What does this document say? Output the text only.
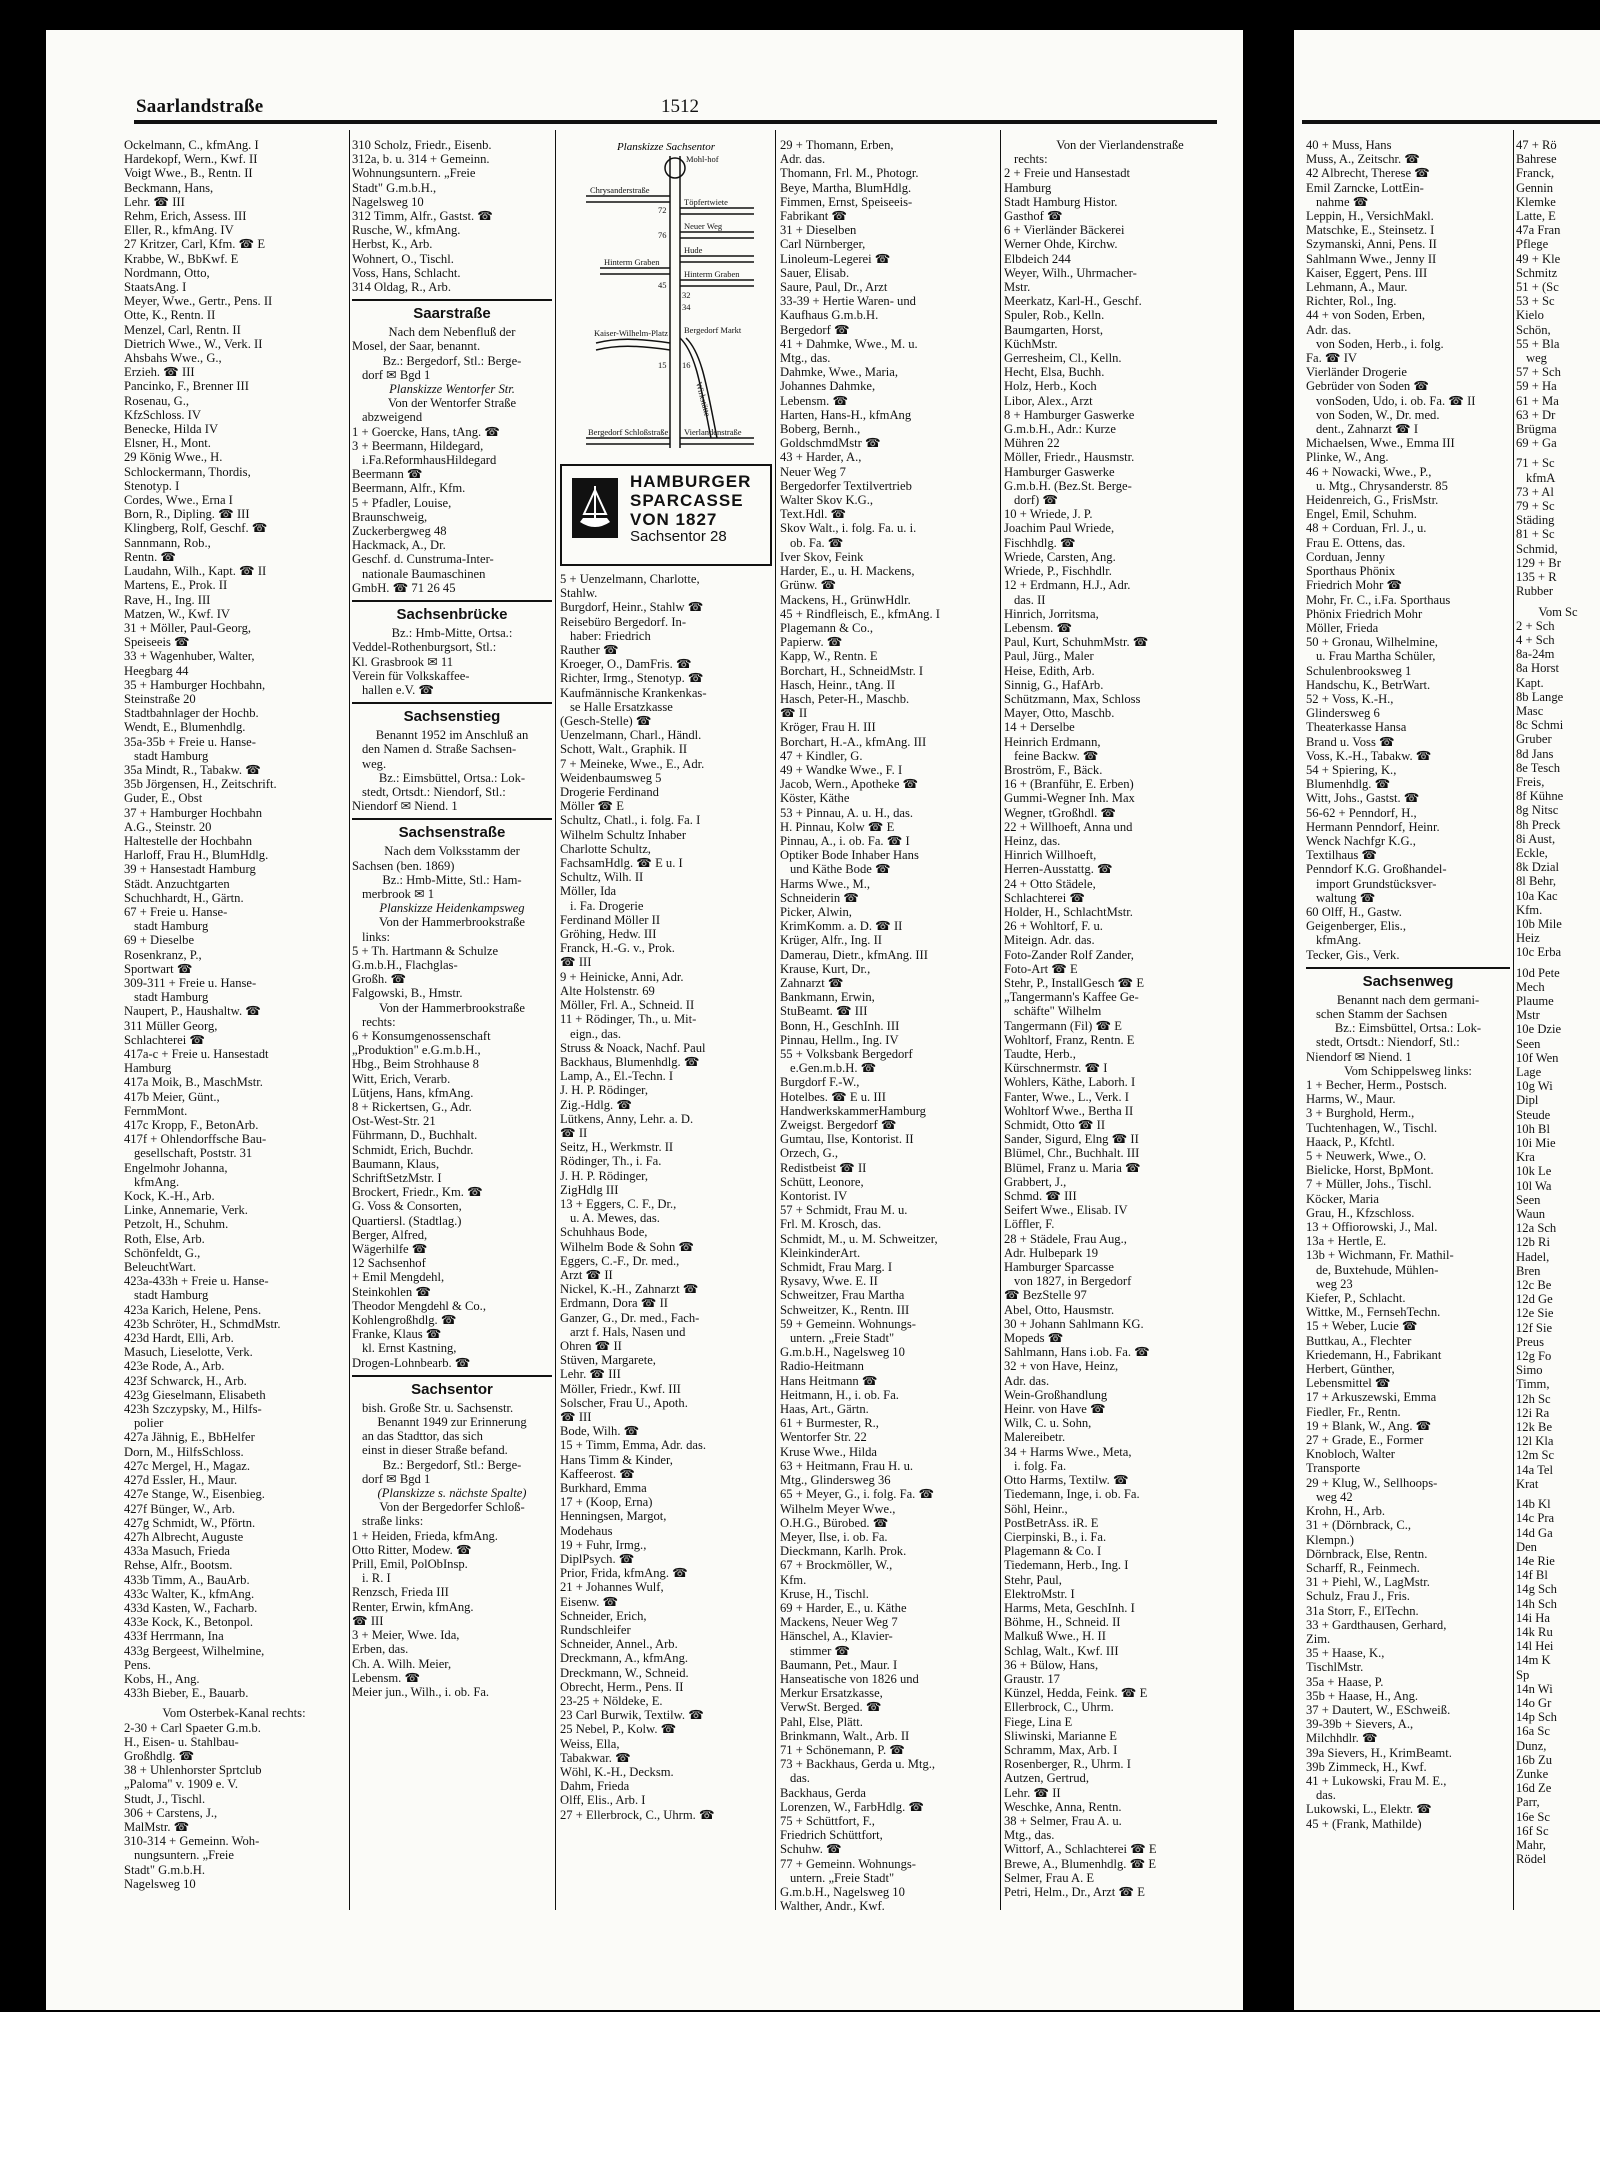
Saarlandstraße	1512
Ockelmann, C., kfmAng. I
Hardekopf, Wern., Kwf. II
Voigt Wwe., B., Rentn. II
Beckmann, Hans,
Lehr. ☎ III
Rehm, Erich, Assess. III
Eller, R., kfmAng. IV
27 Kritzer, Carl, Kfm. ☎ E
Krabbe, W., BbKwf. E
Nordmann, Otto,
StaatsAng. I
Meyer, Wwe., Gertr., Pens. II
Otte, K., Rentn. II
Menzel, Carl, Rentn. II
Dietrich Wwe., W., Verk. II
Ahsbahs Wwe., G.,
Erzieh. ☎ III
Pancinko, F., Brenner III
Rosenau, G.,
KfzSchloss. IV
Benecke, Hilda IV
Elsner, H., Mont.
29 König Wwe., H.
Schlockermann, Thordis,
Stenotyp. I
Cordes, Wwe., Erna I
Born, R., Dipling. ☎ III
Klingberg, Rolf, Geschf. ☎
Sannmann, Rob.,
Rentn. ☎
Laudahn, Wilh., Kapt. ☎ II
Martens, E., Prok. II
Rave, H., Ing. III
Matzen, W., Kwf. IV
31 + Möller, Paul-Georg,
Speiseeis ☎
33 + Wagenhuber, Walter,
Heegbarg 44
35 + Hamburger Hochbahn,
Steinstraße 20
Stadtbahnlager der Hochb.
Wendt, E., Blumenhdlg.
35a-35b + Freie u. Hanse-
stadt Hamburg
35a Mindt, R., Tabakw. ☎
35b Jörgensen, H., Zeitschrift.
Guder, E., Obst
37 + Hamburger Hochbahn
A.G., Steinstr. 20
Haltestelle der Hochbahn
Harloff, Frau H., BlumHdlg.
39 + Hansestadt Hamburg
Städt. Anzuchtgarten
Schuchhardt, H., Gärtn.
67 + Freie u. Hanse-
stadt Hamburg
69 + Dieselbe
Rosenkranz, P.,
Sportwart ☎
309-311 + Freie u. Hanse-
stadt Hamburg
Naupert, P., Haushaltw. ☎
311 Müller Georg,
Schlachterei ☎
417a-c + Freie u. Hansestadt
Hamburg
417a Moik, B., MaschMstr.
417b Meier, Günt.,
FernmMont.
417c Kropp, F., BetonArb.
417f + Ohlendorffsche Bau-
gesellschaft, Poststr. 31
Engelmohr Johanna,
kfmAng.
Kock, K.-H., Arb.
Linke, Annemarie, Verk.
Petzolt, H., Schuhm.
Roth, Else, Arb.
Schönfeldt, G.,
BeleuchtWart.
423a-433h + Freie u. Hanse-
stadt Hamburg
423a Karich, Helene, Pens.
423b Schröter, H., SchmdMstr.
423d Hardt, Elli, Arb.
Masuch, Lieselotte, Verk.
423e Rode, A., Arb.
423f Schwarck, H., Arb.
423g Gieselmann, Elisabeth
423h Szczypsky, M., Hilfs-
polier
427a Jähnig, E., BbHelfer
Dorn, M., HilfsSchloss.
427c Mergel, H., Magaz.
427d Essler, H., Maur.
427e Stange, W., Eisenbieg.
427f Bünger, W., Arb.
427g Schmidt, W., Pförtn.
427h Albrecht, Auguste
433a Masuch, Frieda
Rehse, Alfr., Bootsm.
433b Timm, A., BauArb.
433c Walter, K., kfmAng.
433d Kasten, W., Facharb.
433e Kock, K., Betonpol.
433f Herrmann, Ina
433g Bergeest, Wilhelmine,
Pens.
Kobs, H., Ang.
433h Bieber, E., Bauarb.
Vom Osterbek-Kanal rechts:
2-30 + Carl Spaeter G.m.b.
H., Eisen- u. Stahlbau-
Großhdlg. ☎
38 + Uhlenhorster Sprtclub
„Paloma" v. 1909 e. V.
Studt, J., Tischl.
306 + Carstens, J.,
MalMstr. ☎
310-314 + Gemeinn. Woh-
nungsuntern. „Freie
Stadt" G.m.b.H.
Nagelsweg 10
310 Scholz, Friedr., Eisenb.
312a, b. u. 314 + Gemeinn.
Wohnungsuntern. „Freie
Stadt" G.m.b.H.,
Nagelsweg 10
312 Timm, Alfr., Gastst. ☎
Rusche, W., kfmAng.
Herbst, K., Arb.
Wohnert, O., Tischl.
Voss, Hans, Schlacht.
314 Oldag, R., Arb.
Saarstraße
Nach dem Nebenfluß der
Mosel, der Saar, benannt.
Bz.: Bergedorf, Stl.: Berge-
dorf ✉ Bgd 1
Planskizze Wentorfer Str.
Von der Wentorfer Straße
abzweigend
1 + Goercke, Hans, tAng. ☎
3 + Beermann, Hildegard,
i.Fa.ReformhausHildegard
Beermann ☎
Beermann, Alfr., Kfm.
5 + Pfadler, Louise,
Braunschweig,
Zuckerbergweg 48
Hackmack, A., Dr.
Geschf. d. Cunstruma-Inter-
nationale Baumaschinen
GmbH. ☎ 71 26 45
Sachsenbrücke
Bz.: Hmb-Mitte, Ortsa.:
Veddel-Rothenburgsort, Stl.:
Kl. Grasbrook ✉ 11
Verein für Volkskaffee-
hallen e.V. ☎
Sachsenstieg
Benannt 1952 im Anschluß an
den Namen d. Straße Sachsen-
weg.
Bz.: Eimsbüttel, Ortsa.: Lok-
stedt, Ortsdt.: Niendorf, Stl.:
Niendorf ✉ Niend. 1
Sachsenstraße
Nach dem Volksstamm der
Sachsen (ben. 1869)
Bz.: Hmb-Mitte, Stl.: Ham-
merbrook ✉ 1
Planskizze Heidenkampsweg
Von der Hammerbrookstraße
links:
5 + Th. Hartmann & Schulze
G.m.b.H., Flachglas-
Großh. ☎
Falgowski, B., Hmstr.
Von der Hammerbrookstraße
rechts:
6 + Konsumgenossenschaft
„Produktion" e.G.m.b.H.,
Hbg., Beim Strohhause 8
Witt, Erich, Verarb.
Lütjens, Hans, kfmAng.
8 + Rickertsen, G., Adr.
Ost-West-Str. 21
Führmann, D., Buchhalt.
Schmidt, Erich, Buchdr.
Baumann, Klaus,
SchriftSetzMstr. I
Brockert, Friedr., Km. ☎
G. Voss & Consorten,
Quartiersl. (Stadtlag.)
Berger, Alfred,
Wägerhilfe ☎
12 Sachsenhof
+ Emil Mengdehl,
Steinkohlen ☎
Theodor Mengdehl & Co.,
Kohlengroßhdlg. ☎
Franke, Klaus ☎
kl. Ernst Kastning,
Drogen-Lohnbearb. ☎
Sachsentor
bish. Große Str. u. Sachsenstr.
Benannt 1949 zur Erinnerung
an das Stadttor, das sich
einst in dieser Straße befand.
Bz.: Bergedorf, Stl.: Berge-
dorf ✉ Bgd 1
(Planskizze s. nächste Spalte)
Von der Bergedorfer Schloß-
straße links:
1 + Heiden, Frieda, kfmAng.
Otto Ritter, Modew. ☎
Prill, Emil, PolObInsp.
i. R. I
Renzsch, Frieda III
Renter, Erwin, kfmAng.
☎ III
3 + Meier, Wwe. Ida,
Erben, das.
Ch. A. Wilh. Meier,
Lebensm. ☎
Meier jun., Wilh., i. ob. Fa.
Planskizze Sachsentor
Mohl-hof
Chrysanderstraße
Töpfertwiete
Neuer Weg
Hude
Hinterm Graben
Hinterm Graben
Kaiser-Wilhelm-Platz Bergedorf Markt
Wirkstätte
Bergedorf Schloßstraße Vierlandenstraße
72
76
32
34
45
15 16
HAMBURGER
SPARCASSE
VON 1827
Sachsentor 28
5 + Uenzelmann, Charlotte,
Stahlw.
Burgdorf, Heinr., Stahlw ☎
Reisebüro Bergedorf. In-
haber: Friedrich
Rauther ☎
Kroeger, O., DamFris. ☎
Richter, Irmg., Stenotyp. ☎
Kaufmännische Krankenkas-
se Halle Ersatzkasse
(Gesch-Stelle) ☎
Uenzelmann, Charl., Händl.
Schott, Walt., Graphik. II
7 + Meineke, Wwe., E., Adr.
Weidenbaumsweg 5
Drogerie Ferdinand
Möller ☎ E
Schultz, Chatl., i. folg. Fa. I
Wilhelm Schultz Inhaber
Charlotte Schultz,
FachsamHdlg. ☎ E u. I
Schultz, Wilh. II
Möller, Ida
i. Fa. Drogerie
Ferdinand Möller II
Gröhing, Hedw. III
Franck, H.-G. v., Prok.
☎ III
9 + Heinicke, Anni, Adr.
Alte Holstenstr. 69
Möller, Frl. A., Schneid. II
11 + Rödinger, Th., u. Mit-
eign., das.
Struss & Noack, Nachf. Paul
Backhaus, Blumenhdlg. ☎
Lamp, A., El.-Techn. I
J. H. P. Rödinger,
Zig.-Hdlg. ☎
Lütkens, Anny, Lehr. a. D.
☎ II
Seitz, H., Werkmstr. II
Rödinger, Th., i. Fa.
J. H. P. Rödinger,
ZigHdlg III
13 + Eggers, C. F., Dr.,
u. A. Mewes, das.
Schuhhaus Bode,
Wilhelm Bode & Sohn ☎
Eggers, C.-F., Dr. med.,
Arzt ☎ II
Nickel, K.-H., Zahnarzt ☎
Erdmann, Dora ☎ II
Ganzer, G., Dr. med., Fach-
arzt f. Hals, Nasen und
Ohren ☎ II
Stüven, Margarete,
Lehr. ☎ III
Möller, Friedr., Kwf. III
Solscher, Frau U., Apoth.
☎ III
Bode, Wilh. ☎
15 + Timm, Emma, Adr. das.
Hans Timm & Kinder,
Kaffeerost. ☎
Burkhard, Emma
17 + (Koop, Erna)
Henningsen, Margot,
Modehaus
19 + Fuhr, Irmg.,
DiplPsych. ☎
Prior, Frida, kfmAng. ☎
21 + Johannes Wulf,
Eisenw. ☎
Schneider, Erich,
Rundschleifer
Schneider, Annel., Arb.
Dreckmann, A., kfmAng.
Dreckmann, W., Schneid.
Obrecht, Herm., Pens. II
23-25 + Nöldeke, E.
23 Carl Burwik, Textilw. ☎
25 Nebel, P., Kolw. ☎
Weiss, Ella,
Tabakwar. ☎
Wöhl, K.-H., Decksm.
Dahm, Frieda
Olff, Elis., Arb. I
27 + Ellerbrock, C., Uhrm. ☎
29 + Thomann, Erben,
Adr. das.
Thomann, Frl. M., Photogr.
Beye, Martha, BlumHdlg.
Fimmen, Ernst, Speiseeis-
Fabrikant ☎
31 + Dieselben
Carl Nürnberger,
Linoleum-Legerei ☎
Sauer, Elisab.
Saure, Paul, Dr., Arzt
33-39 + Hertie Waren- und
Kaufhaus G.m.b.H.
Bergedorf ☎
41 + Dahmke, Wwe., M. u.
Mtg., das.
Dahmke, Wwe., Maria,
Johannes Dahmke,
Lebensm. ☎
Harten, Hans-H., kfmAng
Boberg, Bernh.,
GoldschmdMstr ☎
43 + Harder, A.,
Neuer Weg 7
Bergedorfer Textilvertrieb
Walter Skov K.G.,
Text.Hdl. ☎
Skov Walt., i. folg. Fa. u. i.
ob. Fa. ☎
Iver Skov, Feink
Harder, E., u. H. Mackens,
Grünw. ☎
Mackens, H., GrünwHdlr.
45 + Rindfleisch, E., kfmAng. I
Plagemann & Co.,
Papierw. ☎
Kapp, W., Rentn. E
Borchart, H., SchneidMstr. I
Hasch, Heinr., tAng. II
Hasch, Peter-H., Maschb.
☎ II
Kröger, Frau H. III
Borchart, H.-A., kfmAng. III
47 + Kindler, G.
49 + Wandke Wwe., F. I
Jacob, Wern., Apotheke ☎
Köster, Käthe
53 + Pinnau, A. u. H., das.
H. Pinnau, Kolw ☎ E
Pinnau, A., i. ob. Fa. ☎ I
Optiker Bode Inhaber Hans
und Käthe Bode ☎
Harms Wwe., M.,
Schneiderin ☎
Picker, Alwin,
KrimKomm. a. D. ☎ II
Krüger, Alfr., Ing. II
Damerau, Dietr., kfmAng. III
Krause, Kurt, Dr.,
Zahnarzt ☎
Bankmann, Erwin,
StuBeamt. ☎ III
Bonn, H., GeschInh. III
Pinnau, Hellm., Ing. IV
55 + Volksbank Bergedorf
e.Gen.m.b.H. ☎
Burgdorf F.-W.,
Hotelbes. ☎ E u. III
HandwerkskammerHamburg
Zweigst. Bergedorf ☎
Gumtau, Ilse, Kontorist. II
Orzech, G.,
Redistbeist ☎ II
Schütt, Leonore,
Kontorist. IV
57 + Schmidt, Frau M. u.
Frl. M. Krosch, das.
Schmidt, M., u. M. Schweitzer,
KleinkinderArt.
Schmidt, Frau Marg. I
Rysavy, Wwe. E. II
Schweitzer, Frau Martha
Schweitzer, K., Rentn. III
59 + Gemeinn. Wohnungs-
untern. „Freie Stadt"
G.m.b.H., Nagelsweg 10
Radio-Heitmann
Hans Heitmann ☎
Heitmann, H., i. ob. Fa.
Haas, Art., Gärtn.
61 + Burmester, R.,
Wentorfer Str. 22
Kruse Wwe., Hilda
63 + Heitmann, Frau H. u.
Mtg., Glindersweg 36
65 + Meyer, G., i. folg. Fa. ☎
Wilhelm Meyer Wwe.,
O.H.G., Bürobed. ☎
Meyer, Ilse, i. ob. Fa.
Dieckmann, Karlh. Prok.
67 + Brockmöller, W.,
Kfm.
Kruse, H., Tischl.
69 + Harder, E., u. Käthe
Mackens, Neuer Weg 7
Hänschel, A., Klavier-
stimmer ☎
Baumann, Pet., Maur. I
Hanseatische von 1826 und
Merkur Ersatzkasse,
VerwSt. Berged. ☎
Pahl, Else, Plätt.
Brinkmann, Walt., Arb. II
71 + Schönemann, P. ☎
73 + Backhaus, Gerda u. Mtg.,
das.
Backhaus, Gerda
Lorenzen, W., FarbHdlg. ☎
75 + Schüttfort, F.,
Friedrich Schüttfort,
Schuhw. ☎
77 + Gemeinn. Wohnungs-
untern. „Freie Stadt"
G.m.b.H., Nagelsweg 10
Walther, Andr., Kwf.
Von der Vierlandenstraße
rechts:
2 + Freie und Hansestadt
Hamburg
Stadt Hamburg Histor.
Gasthof ☎
6 + Vierländer Bäckerei
Werner Ohde, Kirchw.
Elbdeich 244
Weyer, Wilh., Uhrmacher-
Mstr.
Meerkatz, Karl-H., Geschf.
Spuler, Rob., Kelln.
Baumgarten, Horst,
KüchMstr.
Gerresheim, Cl., Kelln.
Hecht, Elsa, Buchh.
Holz, Herb., Koch
Libor, Alex., Arzt
8 + Hamburger Gaswerke
G.m.b.H., Adr.: Kurze
Mühren 22
Möller, Friedr., Hausmstr.
Hamburger Gaswerke
G.m.b.H. (Bez.St. Berge-
dorf) ☎
10 + Wriede, J. P.
Joachim Paul Wriede,
Fischhdlg. ☎
Wriede, Carsten, Ang.
Wriede, P., Fischhdlr.
12 + Erdmann, H.J., Adr.
das. II
Hinrich, Jorritsma,
Lebensm. ☎
Paul, Kurt, SchuhmMstr. ☎
Paul, Jürg., Maler
Heise, Edith, Arb.
Sinnig, G., HafArb.
Schützmann, Max, Schloss
Mayer, Otto, Maschb.
14 + Derselbe
Heinrich Erdmann,
feine Backw. ☎
Broström, F., Bäck.
16 + (Branführ, E. Erben)
Gummi-Wegner Inh. Max
Wegner, tGroßhdl. ☎
22 + Willhoeft, Anna und
Heinz, das.
Hinrich Willhoeft,
Herren-Ausstattg. ☎
24 + Otto Städele,
Schlachterei ☎
Holder, H., SchlachtMstr.
26 + Wohltorf, F. u.
Miteign. Adr. das.
Foto-Zander Rolf Zander,
Foto-Art ☎ E
Stehr, P., InstallGesch ☎ E
„Tangermann's Kaffee Ge-
schäfte" Wilhelm
Tangermann (Fil) ☎ E
Wohltorf, Franz, Rentn. E
Taudte, Herb.,
Kürschnermstr. ☎ I
Wohlers, Käthe, Laborh. I
Fanter, Wwe., L., Verk. I
Wohltorf Wwe., Bertha II
Schmidt, Otto ☎ II
Sander, Sigurd, Elng ☎ II
Blümel, Chr., Buchhalt. III
Blümel, Franz u. Maria ☎
Grabbert, J.,
Schmd. ☎ III
Seifert Wwe., Elisab. IV
Löffler, F.
28 + Städele, Frau Aug.,
Adr. Hulbepark 19
Hamburger Sparcasse
von 1827, in Bergedorf
☎ BezStelle 97
Abel, Otto, Hausmstr.
30 + Johann Sahlmann KG.
Mopeds ☎
Sahlmann, Hans i.ob. Fa. ☎
32 + von Have, Heinz,
Adr. das.
Wein-Großhandlung
Heinr. von Have ☎
Wilk, C. u. Sohn,
Malereibetr.
34 + Harms Wwe., Meta,
i. folg. Fa.
Otto Harms, Textilw. ☎
Tiedemann, Inge, i. ob. Fa.
Söhl, Heinr.,
PostBetrAss. iR. E
Cierpinski, B., i. Fa.
Plagemann & Co. I
Tiedemann, Herb., Ing. I
Stehr, Paul,
ElektroMstr. I
Harms, Meta, GeschInh. I
Böhme, H., Schneid. II
Malkuß Wwe., H. II
Schlag, Walt., Kwf. III
36 + Bülow, Hans,
Graustr. 17
Künzel, Hedda, Feink. ☎ E
Ellerbrock, C., Uhrm.
Fiege, Lina E
Sliwinski, Marianne E
Schramm, Max, Arb. I
Rosenberger, R., Uhrm. I
Autzen, Gertrud,
Lehr. ☎ II
Weschke, Anna, Rentn.
38 + Selmer, Frau A. u.
Mtg., das.
Wittorf, A., Schlachterei ☎ E
Brewe, A., Blumenhdlg. ☎ E
Selmer, Frau A. E
Petri, Helm., Dr., Arzt ☎ E
40 + Muss, Hans
Muss, A., Zeitschr. ☎
42 Albrecht, Therese ☎
Emil Zarncke, LottEin-
nahme ☎
Leppin, H., VersichMakl.
Matschke, E., Steinsetz. I
Szymanski, Anni, Pens. II
Sahlmann Wwe., Jenny II
Kaiser, Eggert, Pens. III
Lehmann, A., Maur.
Richter, Rol., Ing.
44 + von Soden, Erben,
Adr. das.
von Soden, Herb., i. folg.
Fa. ☎ IV
Vierländer Drogerie
Gebrüder von Soden ☎
vonSoden, Udo, i. ob. Fa. ☎ II
von Soden, W., Dr. med.
dent., Zahnarzt ☎ I
Michaelsen, Wwe., Emma III
Plinke, W., Ang.
46 + Nowacki, Wwe., P.,
u. Mtg., Chrysanderstr. 85
Heidenreich, G., FrisMstr.
Engel, Emil, Schuhm.
48 + Corduan, Frl. J., u.
Frau E. Ottens, das.
Corduan, Jenny
Sporthaus Phönix
Friedrich Mohr ☎
Mohr, Fr. C., i.Fa. Sporthaus
Phönix Friedrich Mohr
Möller, Frieda
50 + Gronau, Wilhelmine,
u. Frau Martha Schüler,
Schulenbrooksweg 1
Handschu, K., BetrWart.
52 + Voss, K.-H.,
Glindersweg 6
Theaterkasse Hansa
Brand u. Voss ☎
Voss, K.-H., Tabakw. ☎
54 + Spiering, K.,
Blumenhdlg. ☎
Witt, Johs., Gastst. ☎
56-62 + Penndorf, H.,
Hermann Penndorf, Heinr.
Wenck Nachfgr K.G.,
Textilhaus ☎
Penndorf K.G. Großhandel-
import Grundstücksver-
waltung ☎
60 Olff, H., Gastw.
Geigenberger, Elis.,
kfmAng.
Tecker, Gis., Verk.
Sachsenweg
Benannt nach dem germani-
schen Stamm der Sachsen
Bz.: Eimsbüttel, Ortsa.: Lok-
stedt, Ortsdt.: Niendorf, Stl.:
Niendorf ✉ Niend. 1
Vom Schippelsweg links:
1 + Becher, Herm., Postsch.
Harms, W., Maur.
3 + Burghold, Herm.,
Tuchtenhagen, W., Tischl.
Haack, P., Kfchtl.
5 + Neuwerk, Wwe., O.
Bielicke, Horst, BpMont.
7 + Müller, Johs., Tischl.
Köcker, Maria
Grau, H., Kfzschloss.
13 + Offiorowski, J., Mal.
13a + Hertle, E.
13b + Wichmann, Fr. Mathil-
de, Buxtehude, Mühlen-
weg 23
Kiefer, P., Schlacht.
Wittke, M., FernsehTechn.
15 + Weber, Lucie ☎
Buttkau, A., Flechter
Kriedemann, H., Fabrikant
Herbert, Günther,
Lebensmittel ☎
17 + Arkuszewski, Emma
Fiedler, Fr., Rentn.
19 + Blank, W., Ang. ☎
27 + Grade, E., Former
Knobloch, Walter
Transporte
29 + Klug, W., Sellhoops-
weg 42
Krohn, H., Arb.
31 + (Dörnbrack, C.,
Klempn.)
Dörnbrack, Else, Rentn.
Scharff, R., Feinmech.
31 + Piehl, W., LagMstr.
Schulz, Frau J., Fris.
31a Storr, F., ElTechn.
33 + Gardthausen, Gerhard,
Zim.
35 + Haase, K.,
TischlMstr.
35a + Haase, P.
35b + Haase, H., Ang.
37 + Dautert, W., ESchweiß.
39-39b + Sievers, A.,
Milchhdlr. ☎
39a Sievers, H., KrimBeamt.
39b Zimmeck, H., Kwf.
41 + Lukowski, Frau M. E.,
das.
Lukowski, L., Elektr. ☎
45 + (Frank, Mathilde)
47 + Rö
Bahrese
Franck,
Gennin
Klemke
Latte, E
47a Fran
Pflege
49 + Kle
Schmitz
51 + (Sc
53 + Sc
Kielo
Schön,
55 + Bla
weg
57 + Sch
59 + Ha
61 + Ma
63 + Dr
Brügma
69 + Ga
71 + Sc
kfmA
73 + Al
79 + Sc
Städing
81 + Sc
Schmid,
129 + Br
135 + R
Rubber
Vom Sc
2 + Sch
4 + Sch
8a-24m
8a Horst
Kapt.
8b Lange
Masc
8c Schmi
Gruber
8d Jans
8e Tesch
Freis,
8f Kühne
8g Nitsc
8h Preck
8i Aust,
Eckle,
8k Dzial
8l Behr,
10a Kac
Kfm.
10b Mile
Heiz
10c Erba
10d Pete
Mech
Plaume
Mstr
10e Dzie
Seen
10f Wen
Lage
10g Wi
Dipl
Steude
10h Bl
10i Mie
Kra
10k Le
10l Wa
Seen
Waun
12a Sch
12b Ri
Hadel,
Bren
12c Be
12d Ge
12e Sie
12f Sie
Preus
12g Fo
Simo
Timm,
12h Sc
12i Ra
12k Be
12l Kla
12m Sc
14a Tel
Krat
14b Kl
14c Pra
14d Ga
Den
14e Rie
14f Bl
14g Sch
14h Sch
14i Ha
14k Ru
14l Hei
14m K
Sp
14n Wi
14o Gr
14p Sch
16a Sc
Dunz,
16b Zu
Zunke
16d Ze
Parr,
16e Sc
16f Sc
Mahr,
Rödel
